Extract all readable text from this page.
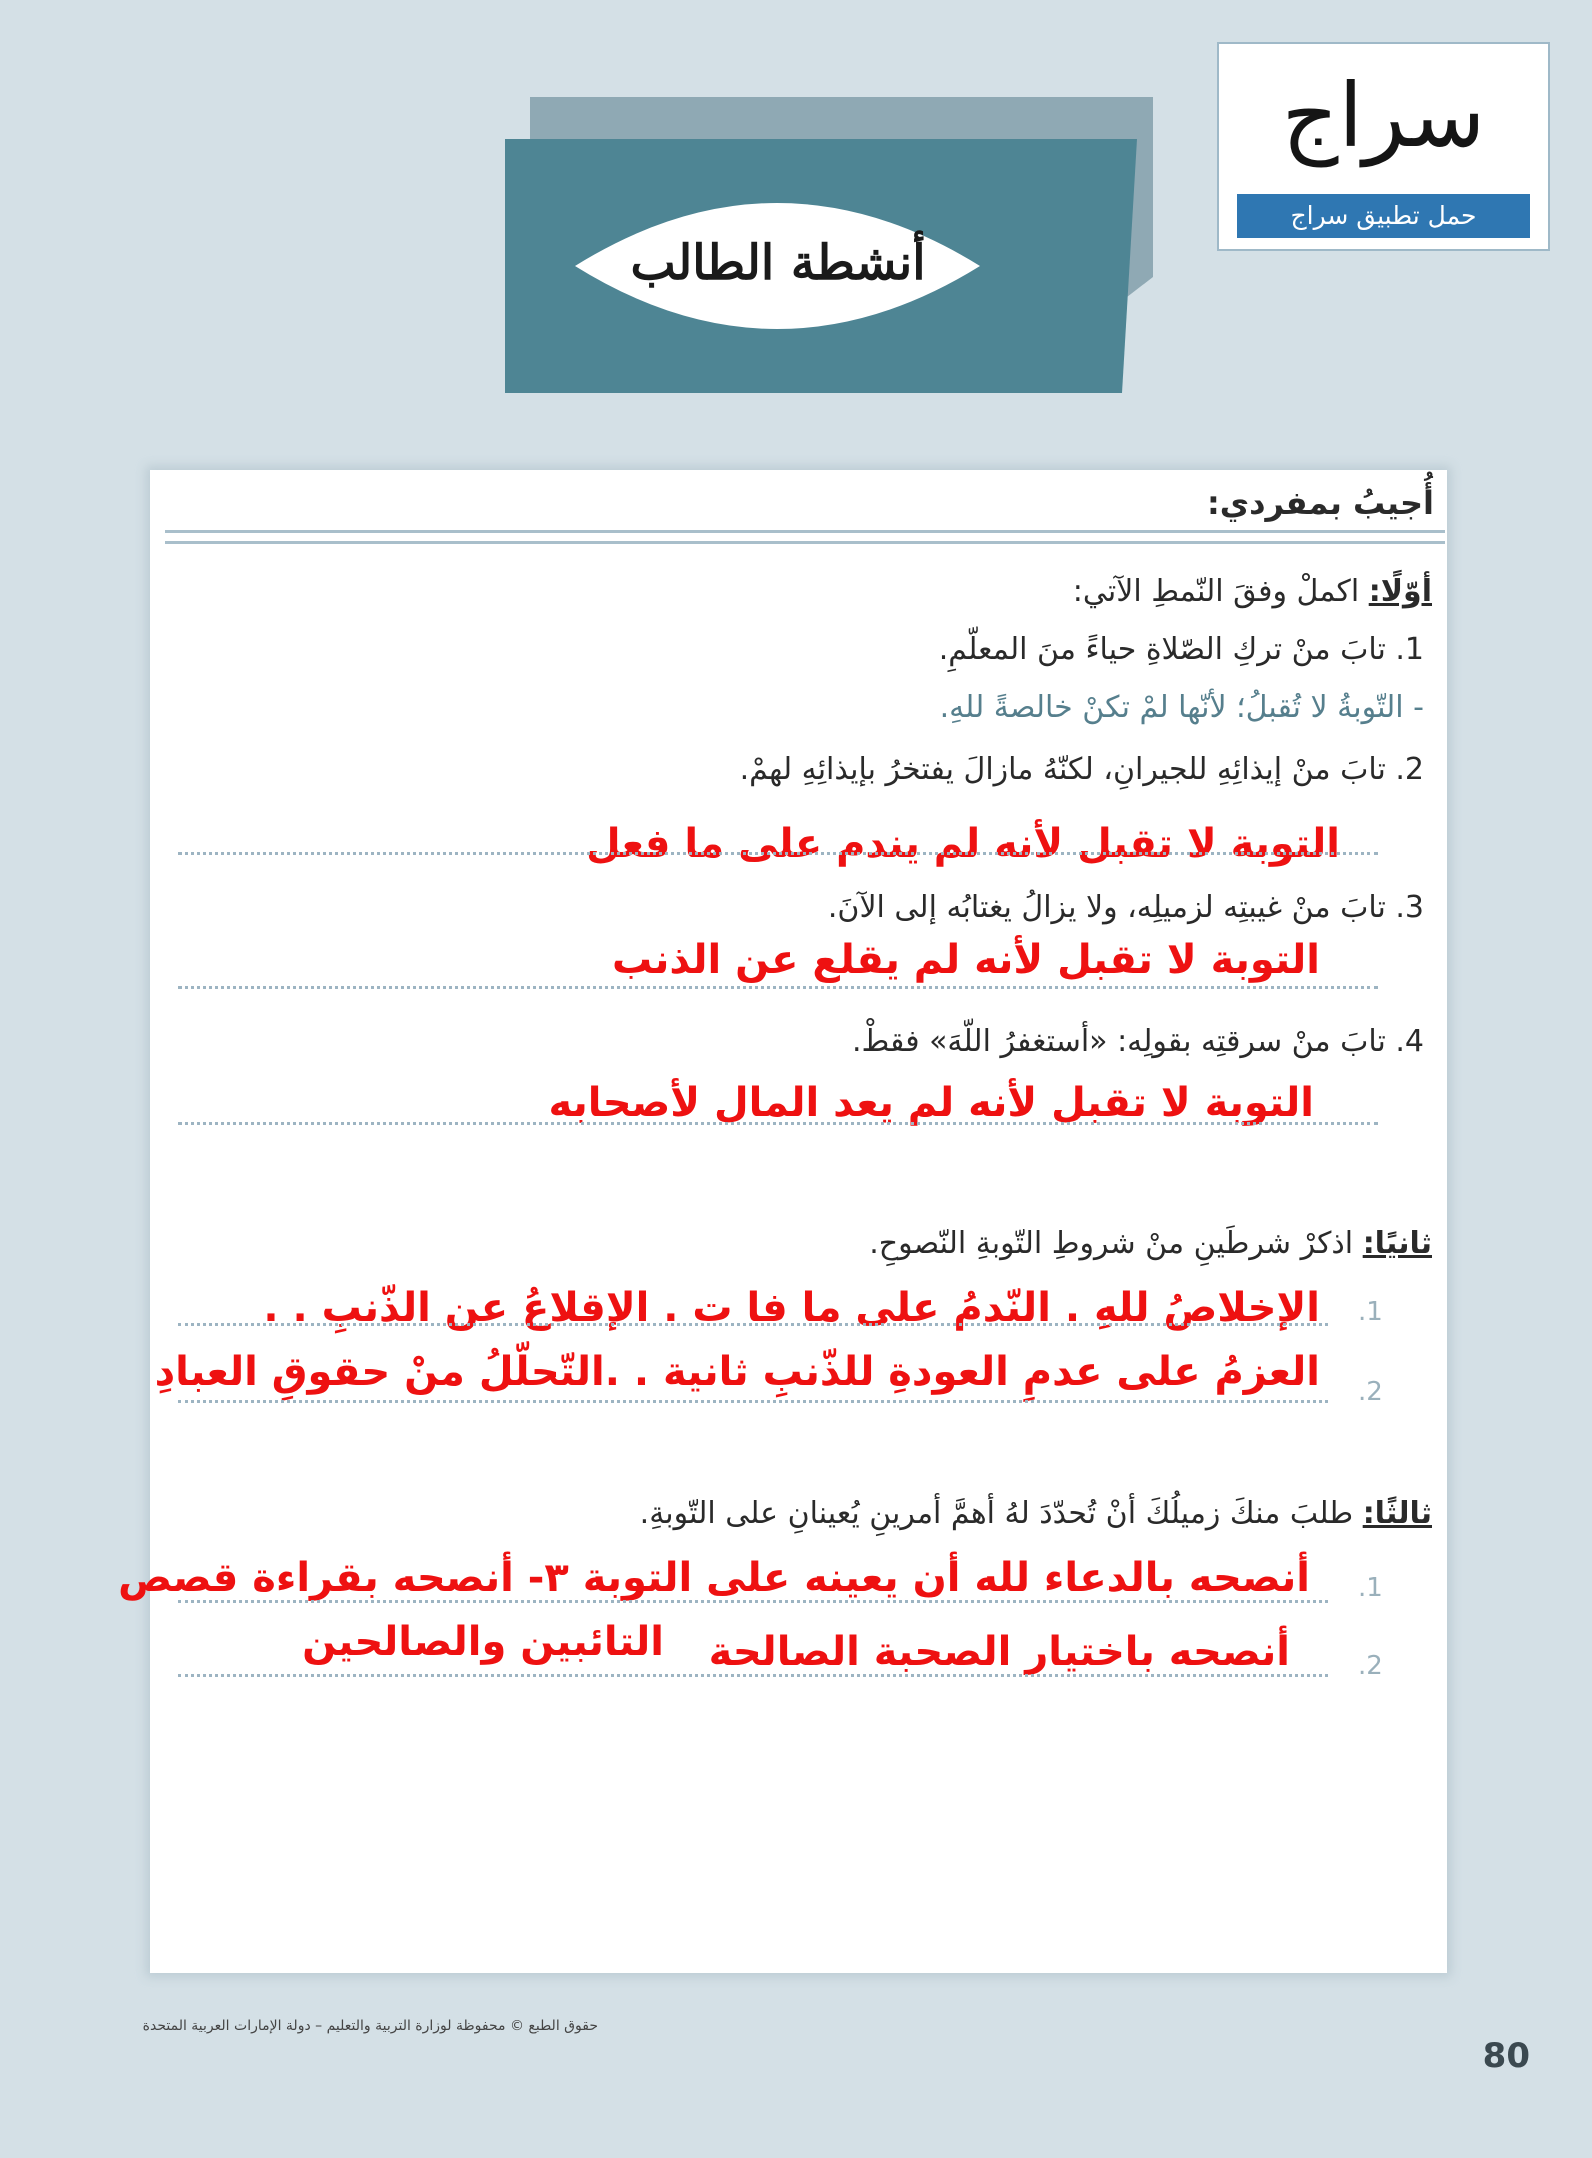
سراج
حمل تطبيق سراج
أنشطة الطالب
أُجيبُ بمفردي:
أوّلًا: اكملْ وفقَ النّمطِ الآتي:
1. تابَ منْ تركِ الصّلاةِ حياءً منَ المعلّمِ.
- التّوبةُ لا تُقبلُ؛ لأنّها لمْ تكنْ خالصةً للهِ.
2. تابَ منْ إيذائِهِ للجيرانِ، لكنّهُ مازالَ يفتخرُ بإيذائِهِ لهمْ.
التوبة لا تقبل لأنه لم يندم على ما فعل
3. تابَ منْ غيبتِه لزميلِه، ولا يزالُ يغتابُه إلى الآنَ.
التوبة لا تقبل لأنه لم يقلع عن الذنب
4. تابَ منْ سرقتِه بقولِه: «أستغفرُ اللّهَ» فقطْ.
التوبة لا تقبل لأنه لم يعد المال لأصحابه
ثانيًا: اذكرْ شرطَينِ منْ شروطِ التّوبةِ النّصوحِ.
.1
الإخلاصُ للهِ . النّدمُ على ما فا ت . الإقلاعُ عن الذّنبِ . .
.2
العزمُ على عدمِ العودةِ للذّنبِ ثانية . .التّحلّلُ منْ حقوقِ العبادِ
ثالثًا: طلبَ منكَ زميلُكَ أنْ تُحدّدَ لهُ أهمَّ أمرينِ يُعينانِ على التّوبةِ.
.1
أنصحه بالدعاء لله أن يعينه على التوبة ٣- أنصحه بقراءة قصص
التائبين والصالحين
.2
أنصحه باختيار الصحبة الصالحة
حقوق الطبع © محفوظة لوزارة التربية والتعليم – دولة الإمارات العربية المتحدة
80
